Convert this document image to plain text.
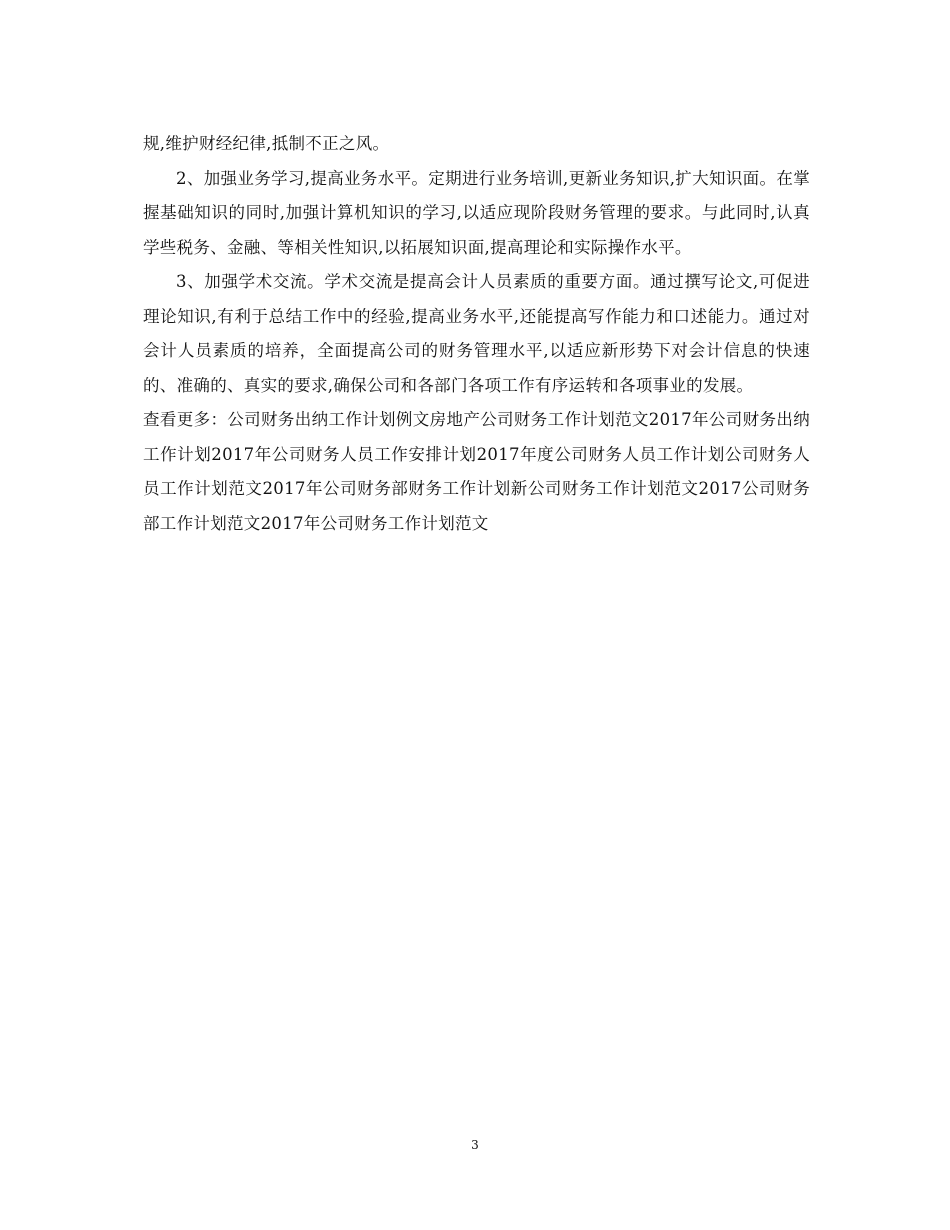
规,维护财经纪律,抵制不正之风。

2、加强业务学习,提高业务水平。定期进行业务培训,更新业务知识,扩大知识面。在掌握基础知识的同时,加强计算机知识的学习,以适应现阶段财务管理的要求。与此同时,认真学些税务、金融、等相关性知识,以拓展知识面,提高理论和实际操作水平。

3、加强学术交流。学术交流是提高会计人员素质的重要方面。通过撰写论文,可促进理论知识,有利于总结工作中的经验,提高业务水平,还能提高写作能力和口述能力。通过对会计人员素质的培养，全面提高公司的财务管理水平,以适应新形势下对会计信息的快速的、准确的、真实的要求,确保公司和各部门各项工作有序运转和各项事业的发展。

查看更多：公司财务出纳工作计划例文房地产公司财务工作计划范文2017年公司财务出纳工作计划2017年公司财务人员工作安排计划2017年度公司财务人员工作计划公司财务人员工作计划范文2017年公司财务部财务工作计划新公司财务工作计划范文2017公司财务部工作计划范文2017年公司财务工作计划范文

3
